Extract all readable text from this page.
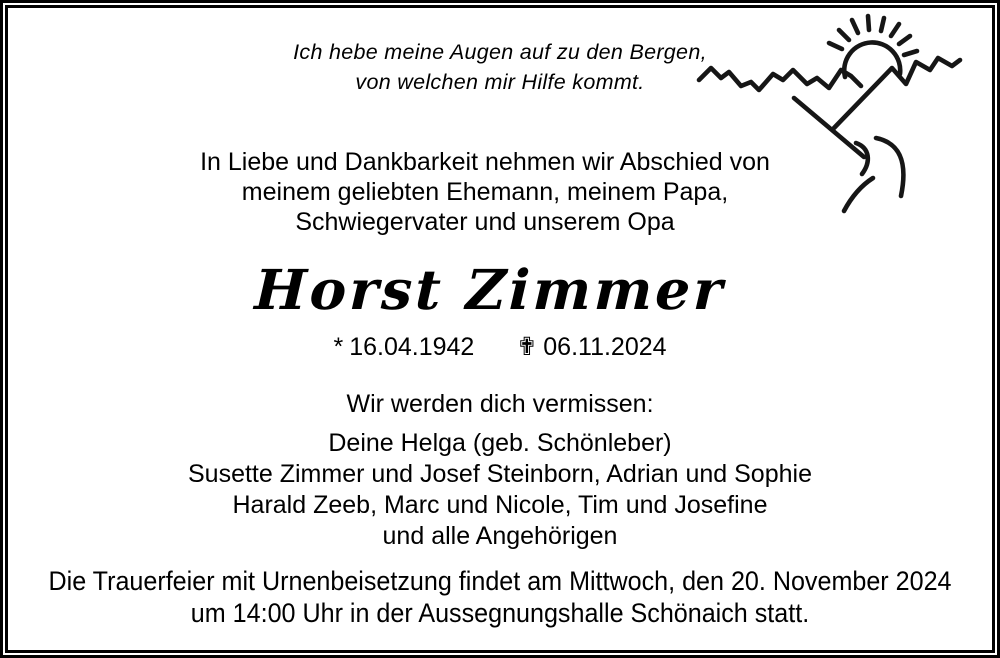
Ich hebe meine Augen auf zu den Bergen,
von welchen mir Hilfe kommt.
In Liebe und Dankbarkeit nehmen wir Abschied von
meinem geliebten Ehemann, meinem Papa,
Schwiegervater und unserem Opa
Horst Zimmer
* 16.04.1942 ✟ 06.11.2024
Wir werden dich vermissen:
Deine Helga (geb. Schönleber)
Susette Zimmer und Josef Steinborn, Adrian und Sophie
Harald Zeeb, Marc und Nicole, Tim und Josefine
und alle Angehörigen
Die Trauerfeier mit Urnenbeisetzung findet am Mittwoch, den 20. November 2024
um 14:00 Uhr in der Aussegnungshalle Schönaich statt.
